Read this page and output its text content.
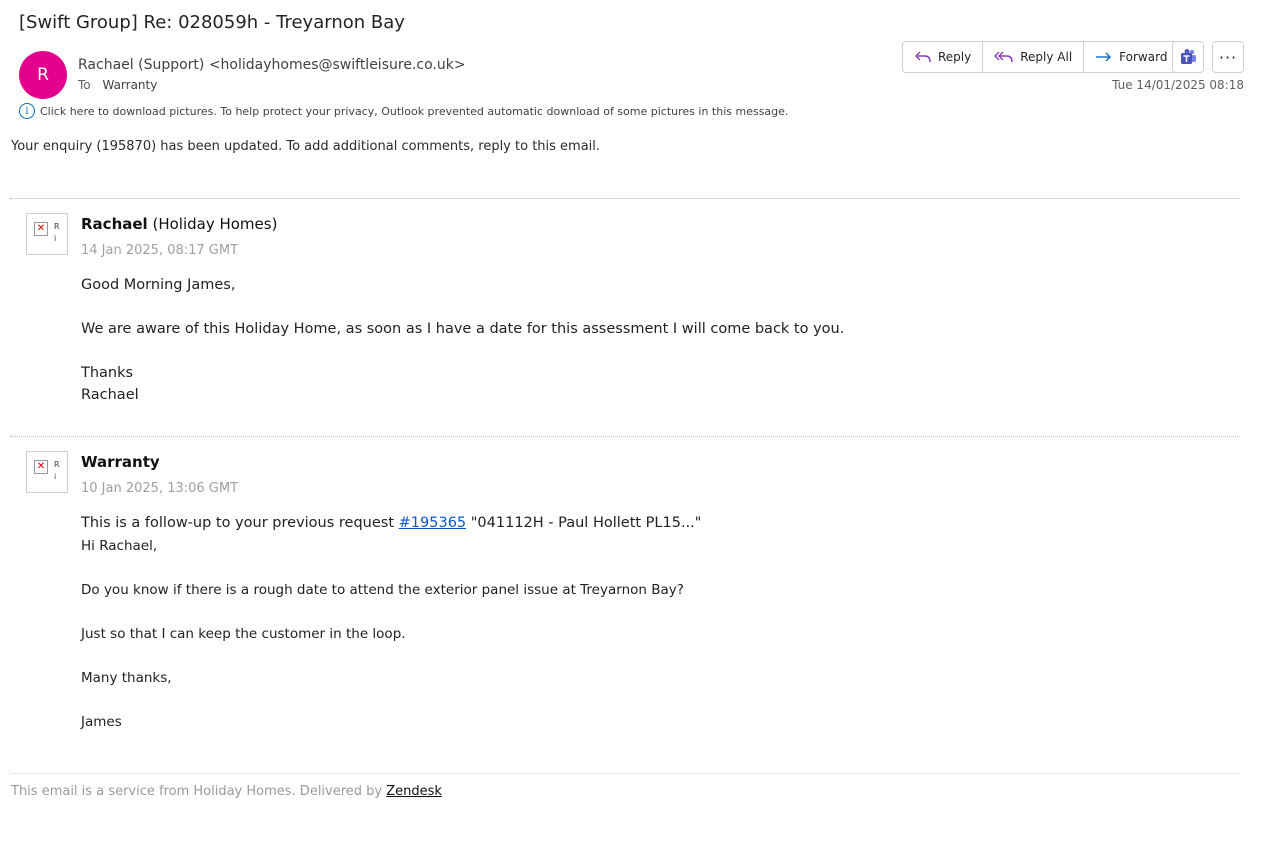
[Swift Group] Re: 028059h - Treyarnon Bay
R Rachael (Support) <holidayhomes@swiftleisure.co.uk>
To Warranty
i	Click here to download pictures. To help protect your privacy, Outlook prevented automatic download of some pictures in this message.
Reply	Reply All	Forward	···
Tue 14/01/2025 08:18
Your enquiry (195870) has been updated. To add additional comments, reply to this email.
✕	R
i
Rachael (Holiday Homes)
14 Jan 2025, 08:17 GMT
Good Morning James,
We are aware of this Holiday Home, as soon as I have a date for this assessment I will come back to you.
Thanks
Rachael
✕	R
i
Warranty
10 Jan 2025, 13:06 GMT
This is a follow-up to your previous request #195365 "041112H - Paul Hollett PL15..."
Hi Rachael,
Do you know if there is a rough date to attend the exterior panel issue at Treyarnon Bay?
Just so that I can keep the customer in the loop.
Many thanks,
James
This email is a service from Holiday Homes. Delivered by Zendesk
